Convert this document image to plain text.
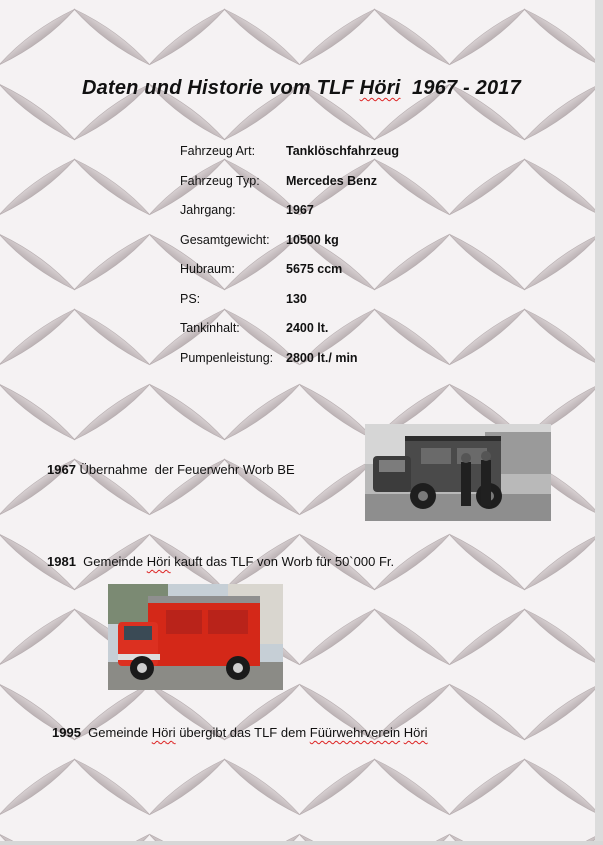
Daten und Historie vom TLF Höri  1967 - 2017
Fahrzeug Art: Tanklöschfahrzeug
Fahrzeug Typ: Mercedes Benz
Jahrgang:	1967
Gesamtgewicht: 10500 kg
Hubraum:	5675 ccm
PS:	130
Tankinhalt:	2400 lt.
Pumpenleistung: 2800 lt./ min
1967 Übernahme  der Feuerwehr Worb BE
1981  Gemeinde Höri kauft das TLF von Worb für 50`000 Fr.
1995  Gemeinde Höri übergibt das TLF dem Füürwehrverein Höri
